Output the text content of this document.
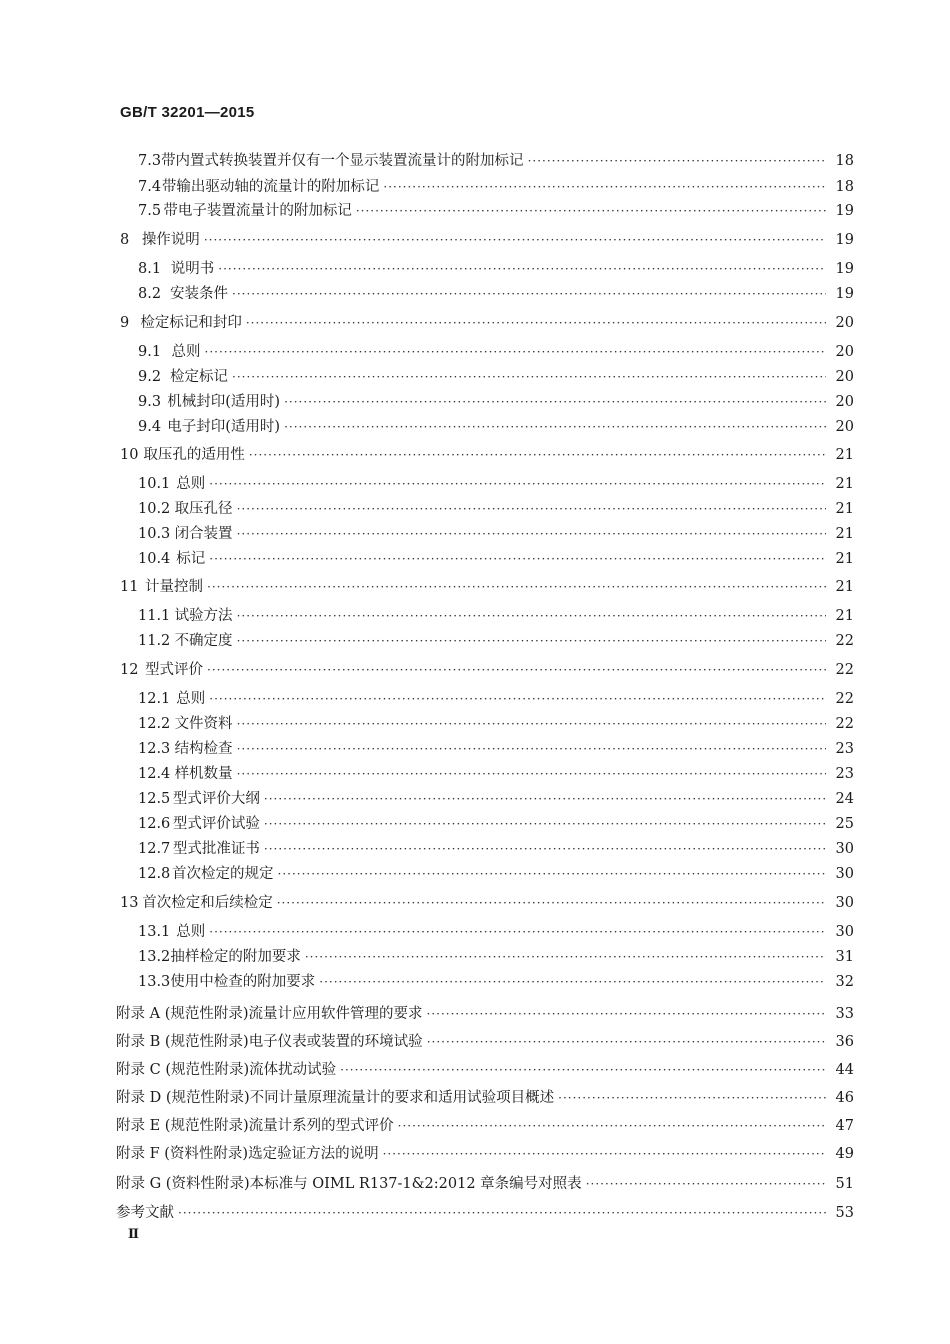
GB/T 32201—2015
7.3 带内置式转换装置并仅有一个显示装置流量计的附加标记 ·····	18
7.4 带输出驱动轴的流量计的附加标记 ·····	18
7.5 带电子装置流量计的附加标记 ·····	19
8 操作说明 ·····	19
8.1 说明书 ·····	19
8.2 安装条件 ·····	19
9 检定标记和封印 ·····	20
9.1 总则 ·····	20
9.2 检定标记 ·····	20
9.3 机械封印(适用时) ·····	20
9.4 电子封印(适用时) ·····	20
10 取压孔的适用性 ·····	21
10.1 总则 ·····	21
10.2 取压孔径 ·····	21
10.3 闭合装置 ·····	21
10.4 标记 ·····	21
11 计量控制 ·····	21
11.1 试验方法 ·····	21
11.2 不确定度 ·····	22
12 型式评价 ·····	22
12.1 总则 ·····	22
12.2 文件资料 ·····	22
12.3 结构检查 ·····	23
12.4 样机数量 ·····	23
12.5 型式评价大纲 ·····	24
12.6 型式评价试验 ·····	25
12.7 型式批准证书 ·····	30
12.8 首次检定的规定 ·····	30
13 首次检定和后续检定 ·····	30
13.1 总则 ·····	30
13.2 抽样检定的附加要求 ·····	31
13.3 使用中检查的附加要求 ·····	32
附录 A (规范性附录) 流量计应用软件管理的要求 ·····	33
附录 B (规范性附录) 电子仪表或装置的环境试验 ·····	36
附录 C (规范性附录) 流体扰动试验 ·····	44
附录 D (规范性附录) 不同计量原理流量计的要求和适用试验项目概述 ·····	46
附录 E (规范性附录) 流量计系列的型式评价 ·····	47
附录 F (资料性附录) 选定验证方法的说明 ·····	49
附录 G (资料性附录) 本标准与 OIML R137-1&2:2012 章条编号对照表 ·····	51
参考文献 ·····	53
Ⅱ
